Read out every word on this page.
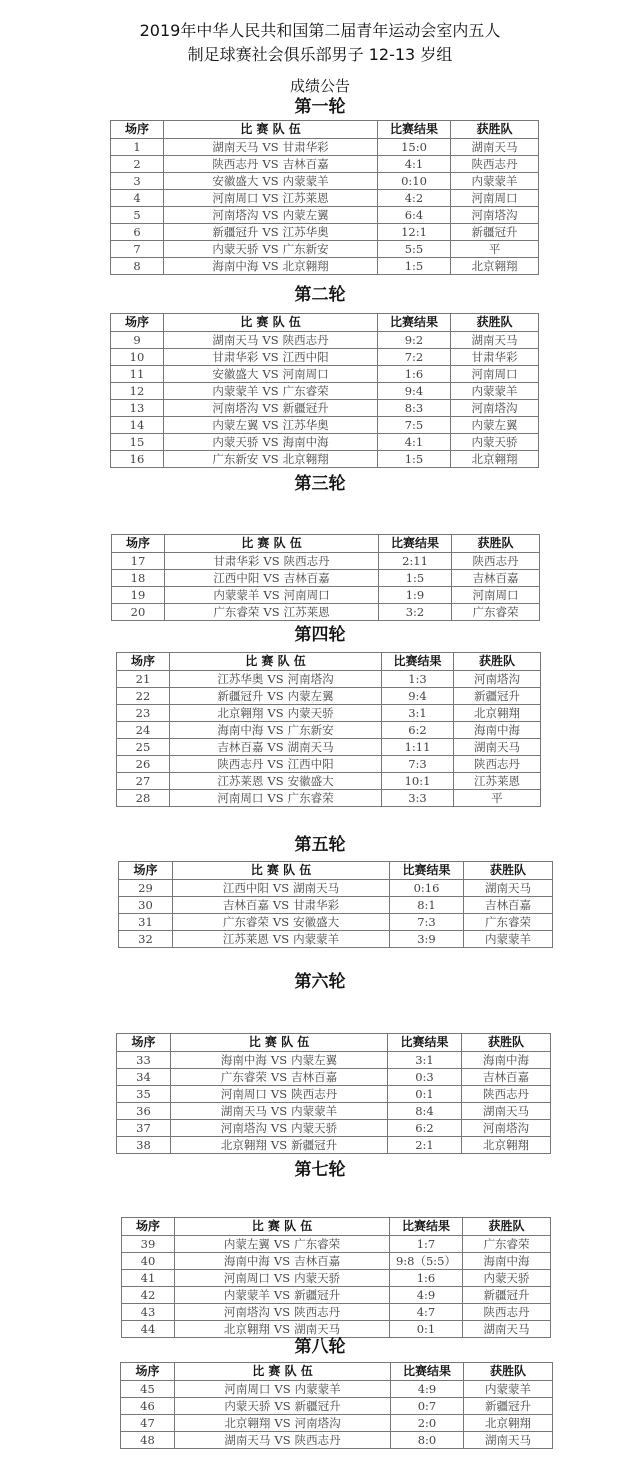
2019年中华人民共和国第二届青年运动会室内五人
制足球赛社会俱乐部男子 12-13 岁组
成绩公告
第一轮
场序	比 赛 队 伍	比赛结果	获胜队
1	湖南天马 VS 甘肃华彩	15:0	湖南天马
2	陕西志丹 VS 吉林百嘉	4:1	陕西志丹
3	安徽盛大 VS 内蒙蒙羊	0:10	内蒙蒙羊
4	河南周口 VS 江苏莱恩	4:2	河南周口
5	河南塔沟 VS 内蒙左翼	6:4	河南塔沟
6	新疆冠升 VS 江苏华奥	12:1	新疆冠升
7	内蒙天骄 VS 广东新安	5:5	平
8	海南中海 VS 北京翱翔	1:5	北京翱翔
第二轮
场序	比 赛 队 伍	比赛结果	获胜队
9	湖南天马 VS 陕西志丹	9:2	湖南天马
10	甘肃华彩 VS 江西中阳	7:2	甘肃华彩
11	安徽盛大 VS 河南周口	1:6	河南周口
12	内蒙蒙羊 VS 广东睿荣	9:4	内蒙蒙羊
13	河南塔沟 VS 新疆冠升	8:3	河南塔沟
14	内蒙左翼 VS 江苏华奥	7:5	内蒙左翼
15	内蒙天骄 VS 海南中海	4:1	内蒙天骄
16	广东新安 VS 北京翱翔	1:5	北京翱翔
第三轮
场序	比 赛 队 伍	比赛结果	获胜队
17	甘肃华彩 VS 陕西志丹	2:11	陕西志丹
18	江西中阳 VS 吉林百嘉	1:5	吉林百嘉
19	内蒙蒙羊 VS 河南周口	1:9	河南周口
20	广东睿荣 VS 江苏莱恩	3:2	广东睿荣
第四轮
场序	比 赛 队 伍	比赛结果	获胜队
21	江苏华奥 VS 河南塔沟	1:3	河南塔沟
22	新疆冠升 VS 内蒙左翼	9:4	新疆冠升
23	北京翱翔 VS 内蒙天骄	3:1	北京翱翔
24	海南中海 VS 广东新安	6:2	海南中海
25	吉林百嘉 VS 湖南天马	1:11	湖南天马
26	陕西志丹 VS 江西中阳	7:3	陕西志丹
27	江苏莱恩 VS 安徽盛大	10:1	江苏莱恩
28	河南周口 VS 广东睿荣	3:3	平
第五轮
场序	比 赛 队 伍	比赛结果	获胜队
29	江西中阳 VS 湖南天马	0:16	湖南天马
30	吉林百嘉 VS 甘肃华彩	8:1	吉林百嘉
31	广东睿荣 VS 安徽盛大	7:3	广东睿荣
32	江苏莱恩 VS 内蒙蒙羊	3:9	内蒙蒙羊
第六轮
场序	比 赛 队 伍	比赛结果	获胜队
33	海南中海 VS 内蒙左翼	3:1	海南中海
34	广东睿荣 VS 吉林百嘉	0:3	吉林百嘉
35	河南周口 VS 陕西志丹	0:1	陕西志丹
36	湖南天马 VS 内蒙蒙羊	8:4	湖南天马
37	河南塔沟 VS 内蒙天骄	6:2	河南塔沟
38	北京翱翔 VS 新疆冠升	2:1	北京翱翔
第七轮
场序	比 赛 队 伍	比赛结果	获胜队
39	内蒙左翼 VS 广东睿荣	1:7	广东睿荣
40	海南中海 VS 吉林百嘉	9:8（5:5）	海南中海
41	河南周口 VS 内蒙天骄	1:6	内蒙天骄
42	内蒙蒙羊 VS 新疆冠升	4:9	新疆冠升
43	河南塔沟 VS 陕西志丹	4:7	陕西志丹
44	北京翱翔 VS 湖南天马	0:1	湖南天马
第八轮
场序	比 赛 队 伍	比赛结果	获胜队
45	河南周口 VS 内蒙蒙羊	4:9	内蒙蒙羊
46	内蒙天骄 VS 新疆冠升	0:7	新疆冠升
47	北京翱翔 VS 河南塔沟	2:0	北京翱翔
48	湖南天马 VS 陕西志丹	8:0	湖南天马
